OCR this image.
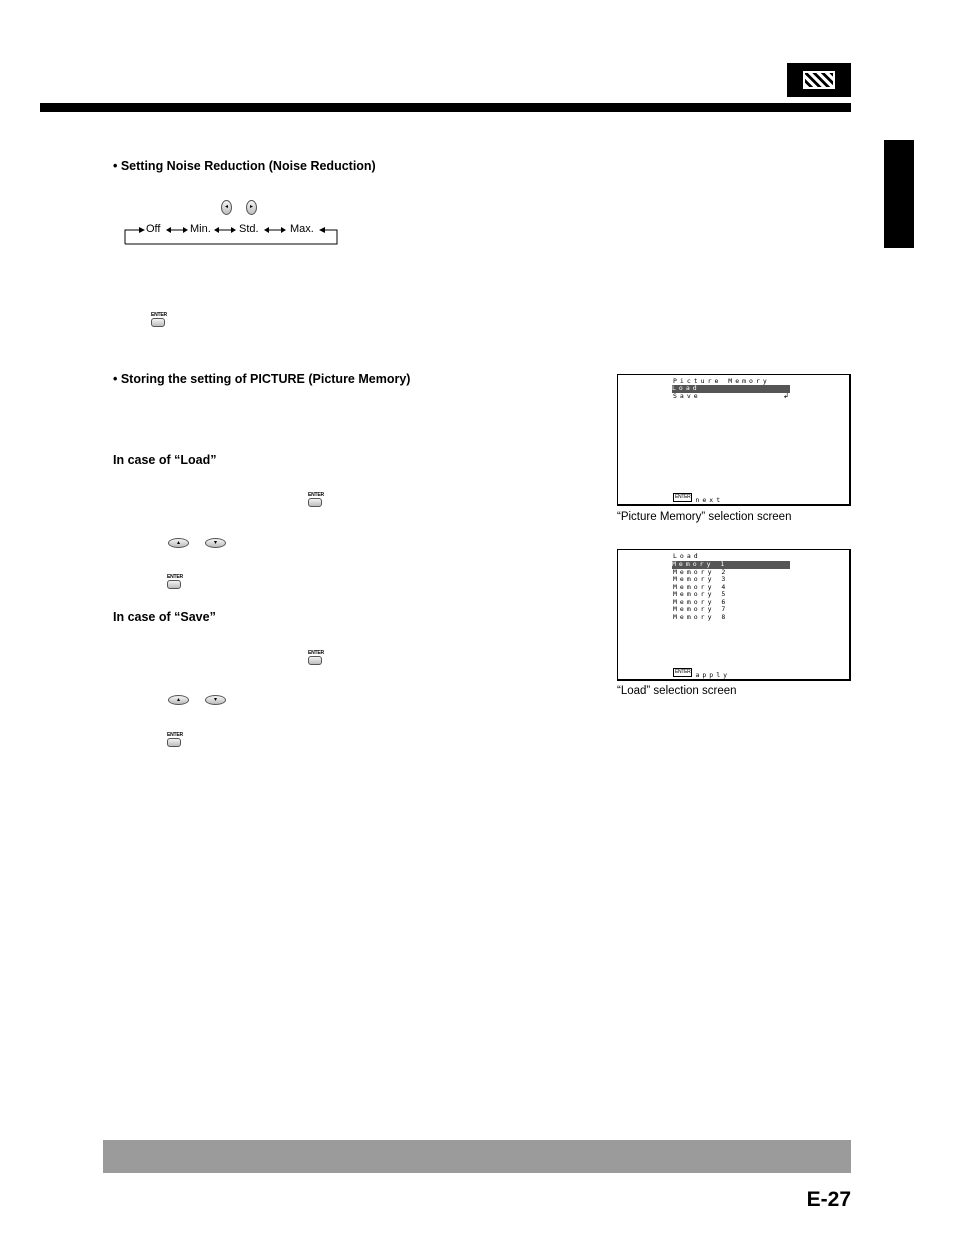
• Setting Noise Reduction (Noise Reduction)
◂	▸
Off	Min.	Std.	Max.
ENTER
• Storing the setting of PICTURE (Picture Memory)
In case of “Load”
ENTER
▴	▾
ENTER
In case of “Save”
ENTER
▴	▾
ENTER
Picture Memory
Load
Save	↲
ENTER next
“Picture Memory” selection screen
Load
Memory 1
Memory 2
Memory 3
Memory 4
Memory 5
Memory 6
Memory 7
Memory 8
ENTER apply
“Load” selection screen
E-27
